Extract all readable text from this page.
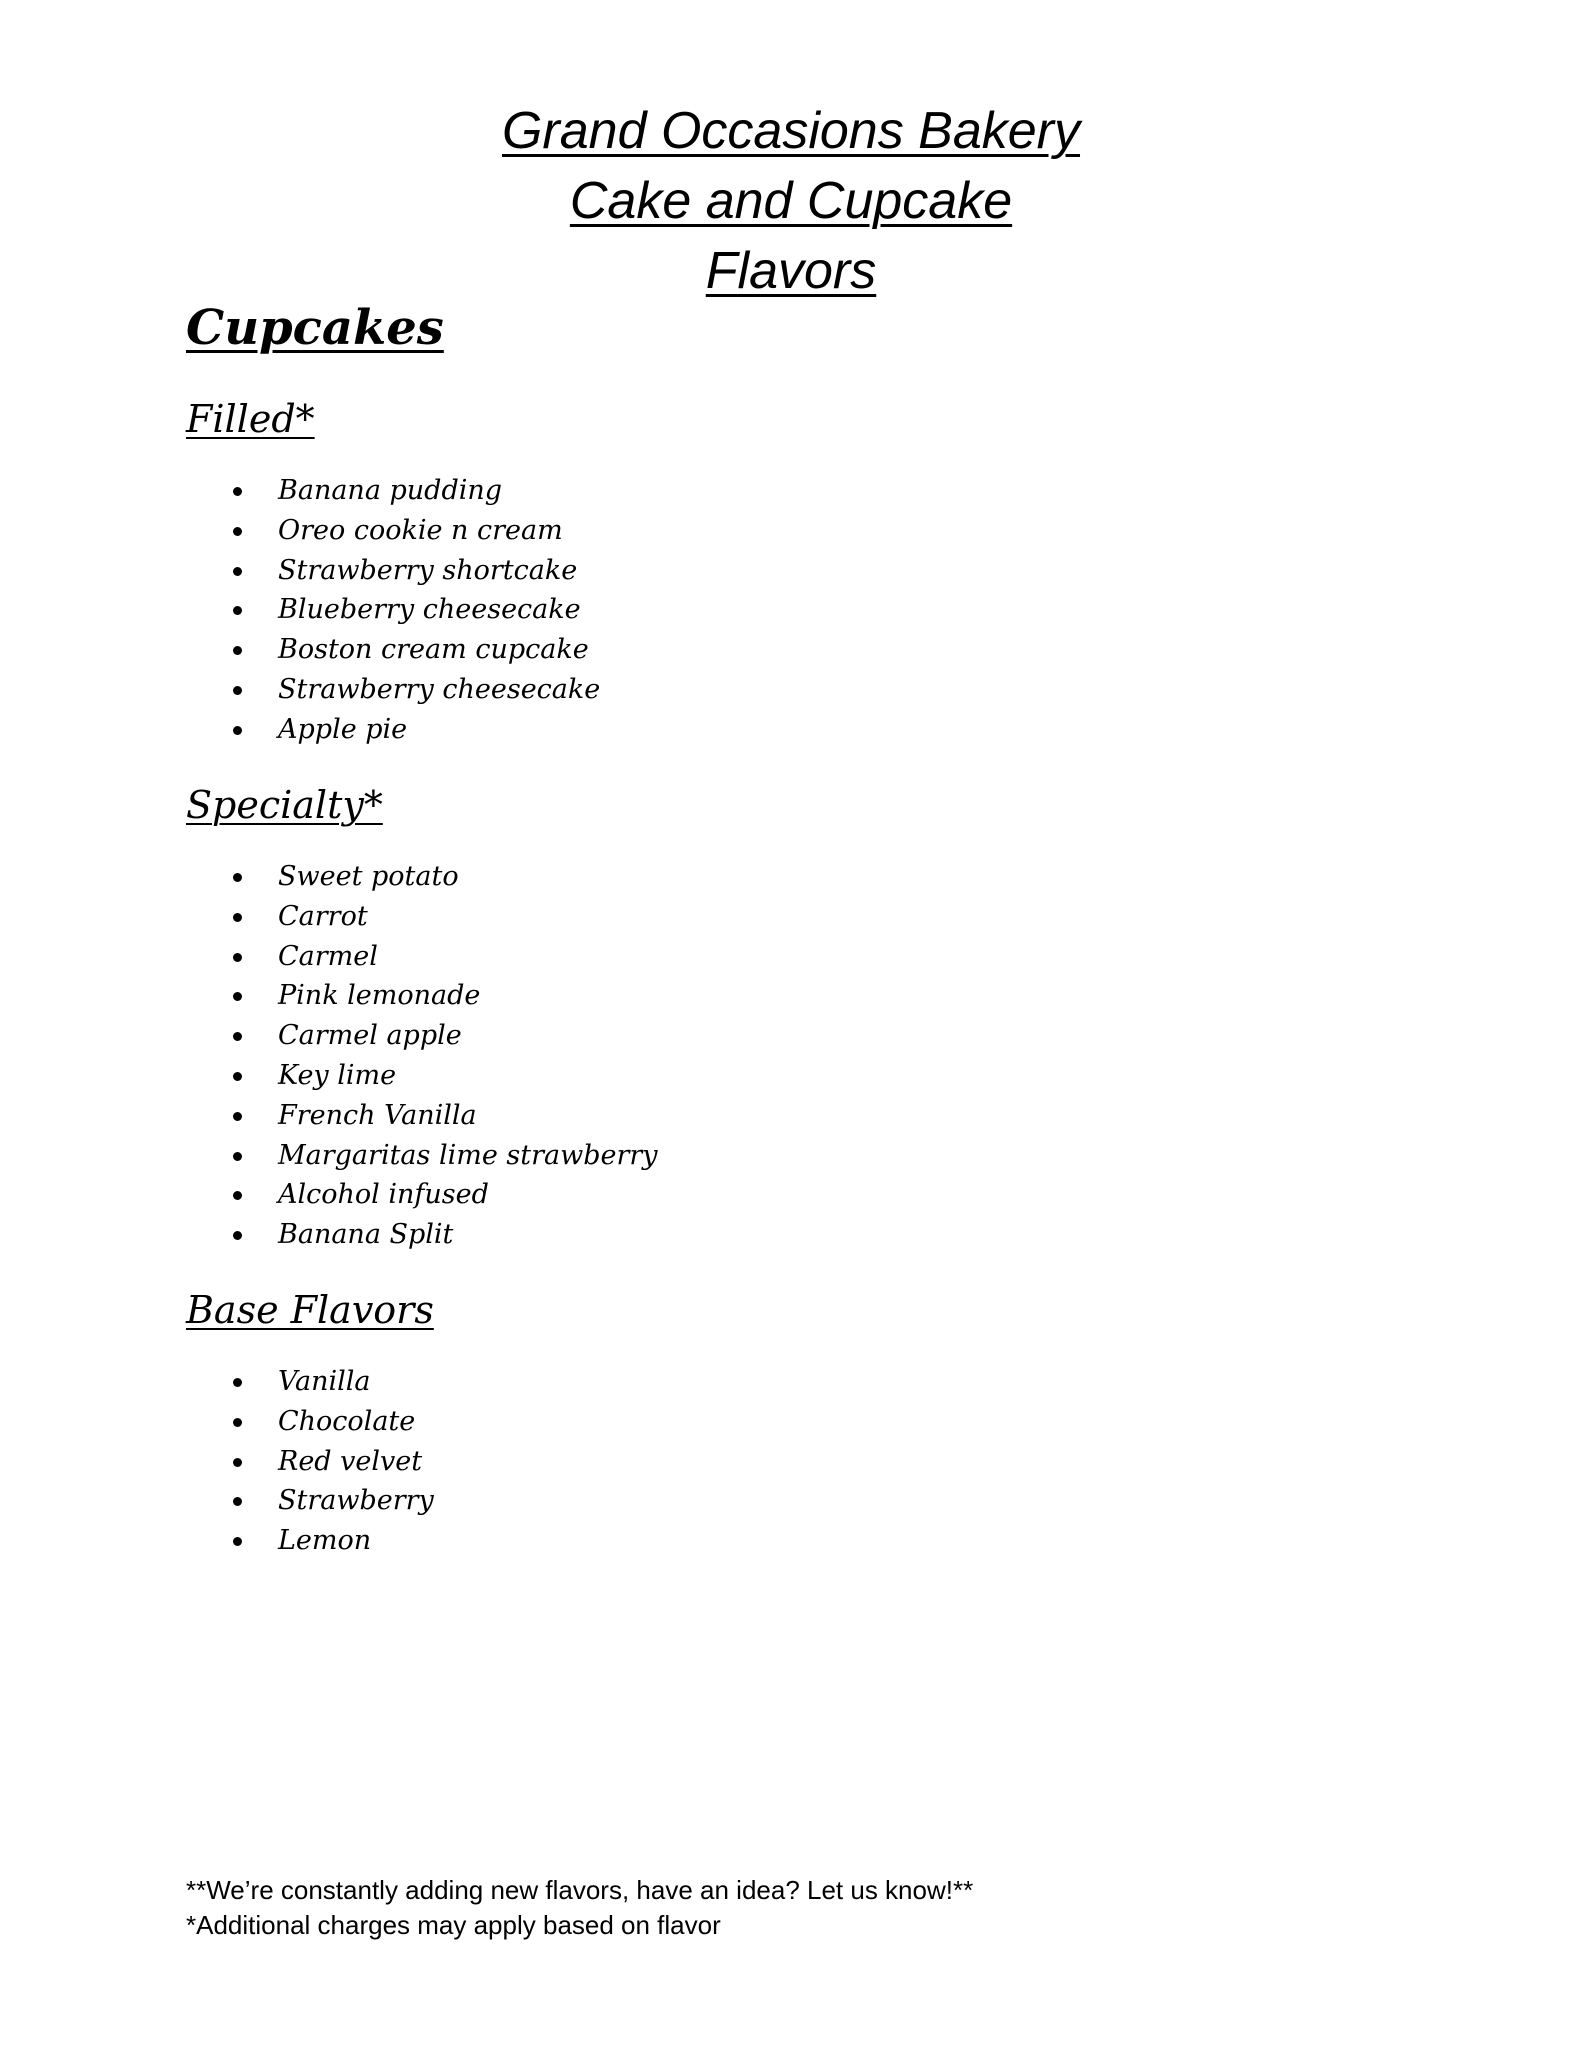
Grand Occasions Bakery
Cake and Cupcake
Flavors
Cupcakes
Filled*
Banana pudding
Oreo cookie n cream
Strawberry shortcake
Blueberry cheesecake
Boston cream cupcake
Strawberry cheesecake
Apple pie
Specialty*
Sweet potato
Carrot
Carmel
Pink lemonade
Carmel apple
Key lime
French Vanilla
Margaritas lime strawberry
Alcohol infused
Banana Split
Base Flavors
Vanilla
Chocolate
Red velvet
Strawberry
Lemon
**We’re constantly adding new flavors, have an idea? Let us know!**
*Additional charges may apply based on flavor
